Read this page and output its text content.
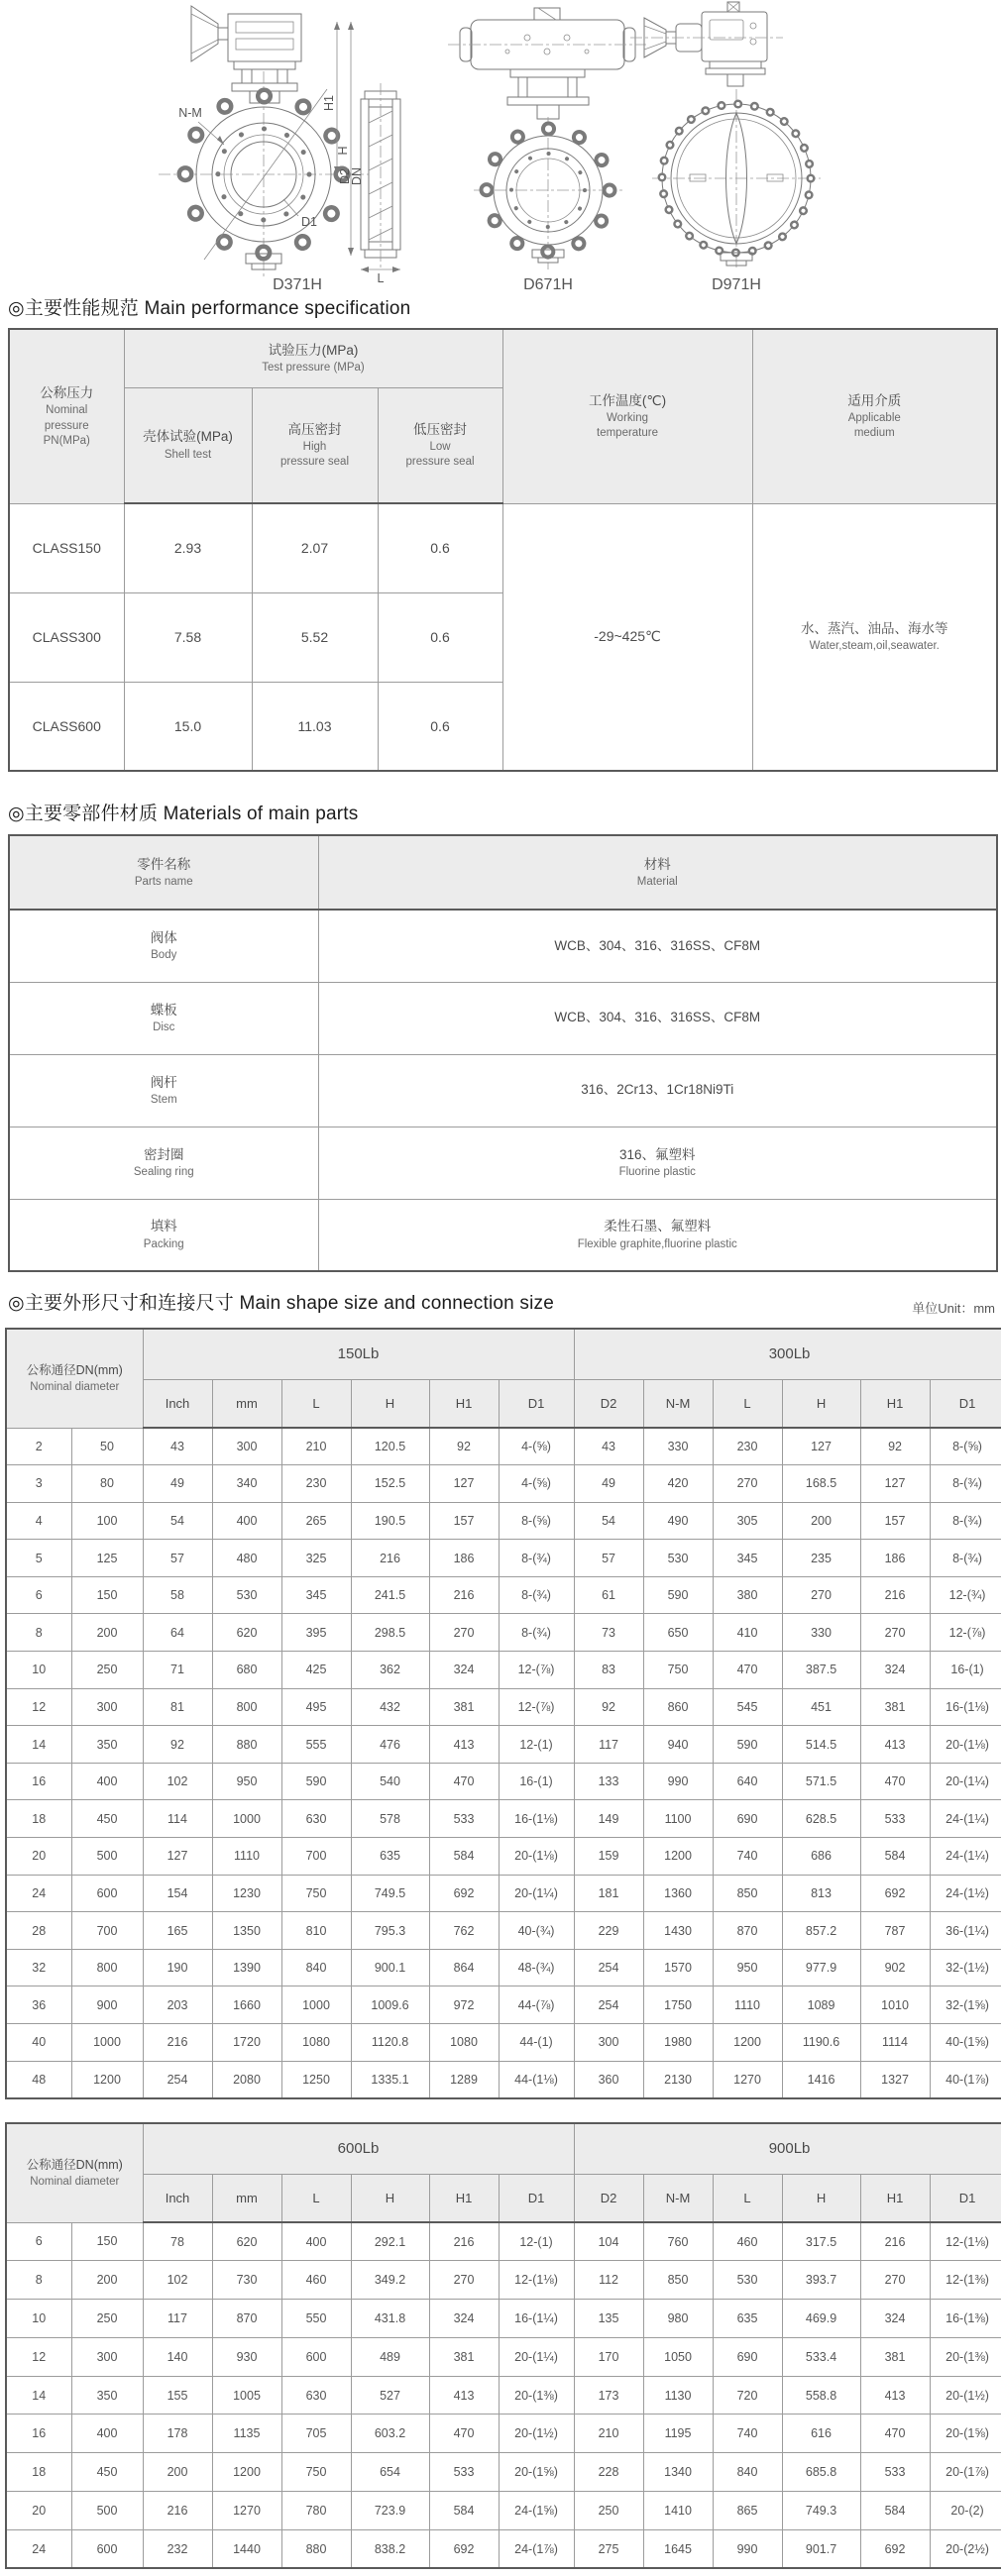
N-M
D1
H1
H
D2
DN
L
D371H	D671H	D971H
◎主要性能规范 Main performance specification
公称压力
Nominal
pressure
PN(MPa)	试验压力(MPa)
Test pressure (MPa)			工作温度(℃)
Working
temperature	适用介质
Applicable
medium

	壳体试验(MPa)
Shell test	高压密封
High
pressure seal	低压密封
Low
pressure seal		

CLASS150	2.93	2.07	0.6	-29~425℃	水、蒸汽、油品、海水等
Water,steam,oil,seawater.

CLASS300	7.58	5.52	0.6		
CLASS600	15.0	11.03	0.6		
◎主要零部件材质 Materials of main parts
零件名称
Parts name	材料
Material

阀体
Body	WCB、304、316、316SS、CF8M

蝶板
Disc	WCB、304、316、316SS、CF8M

阀杆
Stem	316、2Cr13、1Cr18Ni9Ti

密封圈
Sealing ring	316、氟塑料
Fluorine plastic

填料
Packing	柔性石墨、氟塑料
Flexible graphite,fluorine plastic
◎主要外形尺寸和连接尺寸 Main shape size and connection size	单位Unit：mm
公称通径DN(mm)
Nominal diameter		150Lb						300Lb						
		Inch	mm	L	H	H1	D1	D2	N-M	L	H	H1	D1		
2	50	43	300	210	120.5	92	4-(⅝)	43	330	230	127	92	8-(⅝)	
3	80	49	340	230	152.5	127	4-(⅝)	49	420	270	168.5	127	8-(¾)	
4	100	54	400	265	190.5	157	8-(⅝)	54	490	305	200	157	8-(¾)	
5	125	57	480	325	216	186	8-(¾)	57	530	345	235	186	8-(¾)	
6	150	58	530	345	241.5	216	8-(¾)	61	590	380	270	216	12-(¾)	
8	200	64	620	395	298.5	270	8-(¾)	73	650	410	330	270	12-(⅞)	
10	250	71	680	425	362	324	12-(⅞)	83	750	470	387.5	324	16-(1)	
12	300	81	800	495	432	381	12-(⅞)	92	860	545	451	381	16-(1⅛)	
14	350	92	880	555	476	413	12-(1)	117	940	590	514.5	413	20-(1⅛)	
16	400	102	950	590	540	470	16-(1)	133	990	640	571.5	470	20-(1¼)	
18	450	114	1000	630	578	533	16-(1⅛)	149	1100	690	628.5	533	24-(1¼)	
20	500	127	1110	700	635	584	20-(1⅛)	159	1200	740	686	584	24-(1¼)	
24	600	154	1230	750	749.5	692	20-(1¼)	181	1360	850	813	692	24-(1½)	
28	700	165	1350	810	795.3	762	40-(¾)	229	1430	870	857.2	787	36-(1¼)	
32	800	190	1390	840	900.1	864	48-(¾)	254	1570	950	977.9	902	32-(1½)	
36	900	203	1660	1000	1009.6	972	44-(⅞)	254	1750	1110	1089	1010	32-(1⅝)	
40	1000	216	1720	1080	1120.8	1080	44-(1)	300	1980	1200	1190.6	1114	40-(1⅝)	
48	1200	254	2080	1250	1335.1	1289	44-(1⅛)	360	2130	1270	1416	1327	40-(1⅞)	
公称通径DN(mm)
Nominal diameter		600Lb						900Lb						
		Inch	mm	L	H	H1	D1	D2	N-M	L	H	H1	D1		
6	150	78	620	400	292.1	216	12-(1)	104	760	460	317.5	216	12-(1⅛)	
8	200	102	730	460	349.2	270	12-(1⅛)	112	850	530	393.7	270	12-(1⅜)	
10	250	117	870	550	431.8	324	16-(1¼)	135	980	635	469.9	324	16-(1⅜)	
12	300	140	930	600	489	381	20-(1¼)	170	1050	690	533.4	381	20-(1⅜)	
14	350	155	1005	630	527	413	20-(1⅜)	173	1130	720	558.8	413	20-(1½)	
16	400	178	1135	705	603.2	470	20-(1½)	210	1195	740	616	470	20-(1⅝)	
18	450	200	1200	750	654	533	20-(1⅝)	228	1340	840	685.8	533	20-(1⅞)	
20	500	216	1270	780	723.9	584	24-(1⅝)	250	1410	865	749.3	584	20-(2)	
24	600	232	1440	880	838.2	692	24-(1⅞)	275	1645	990	901.7	692	20-(2½)	
